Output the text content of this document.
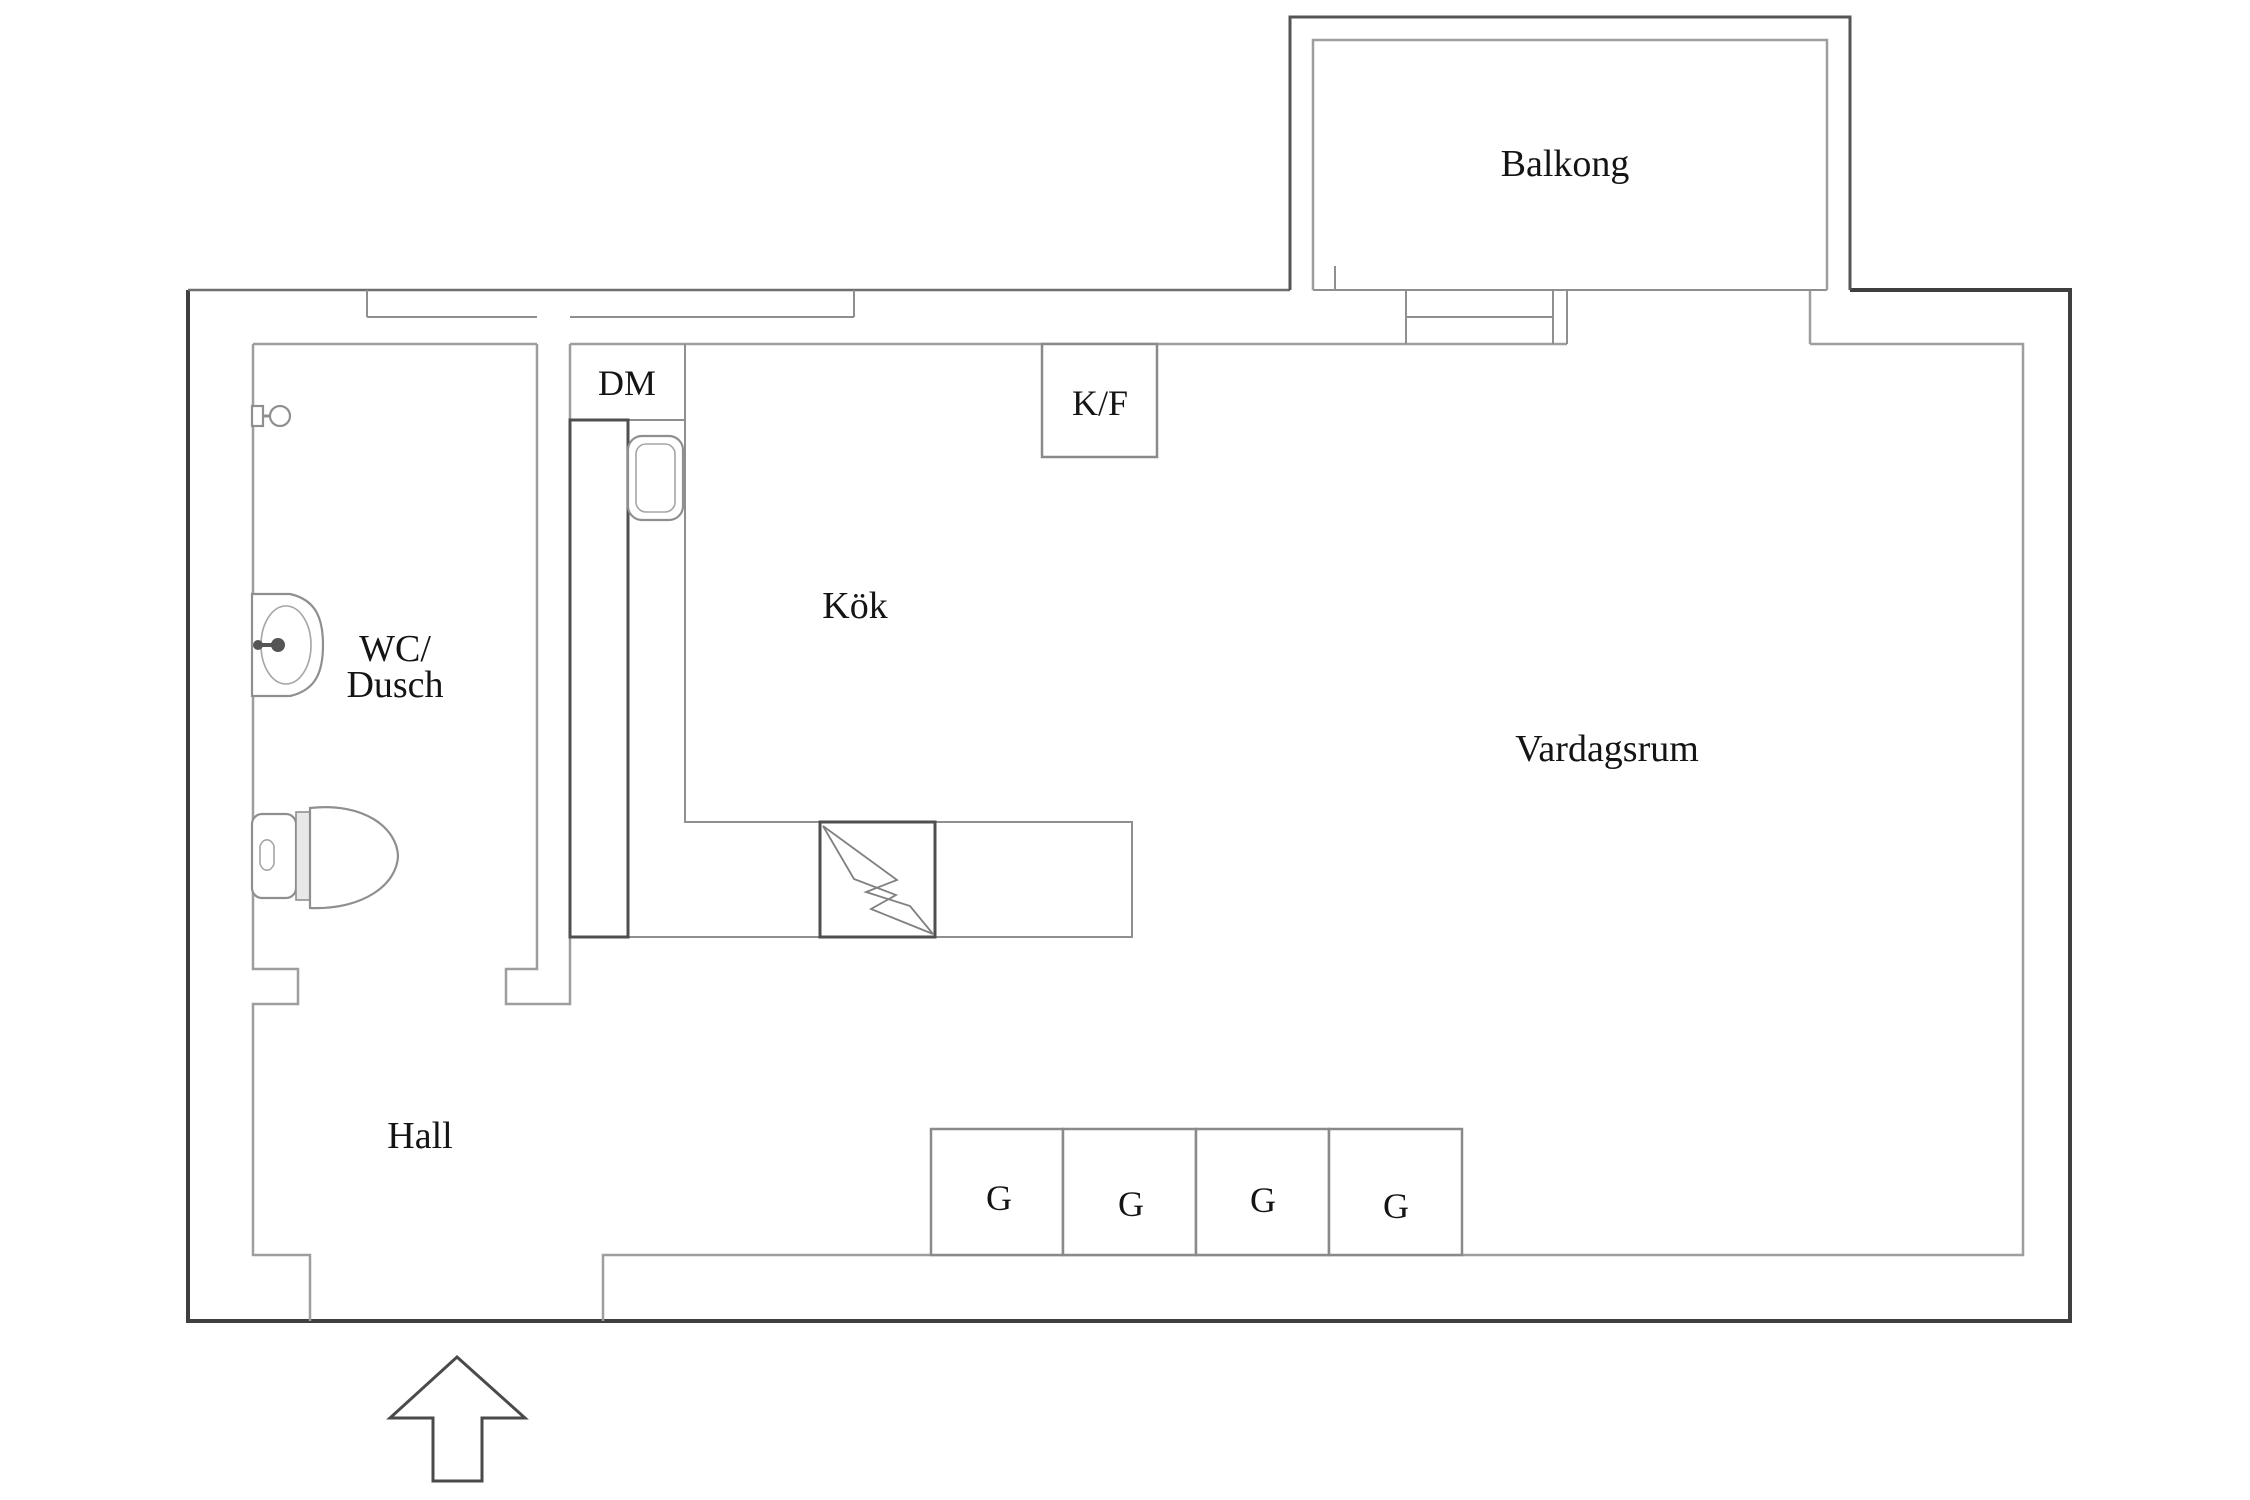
Balkong
K/F
DM
Kök
WC/
Dusch
Vardagsrum
Hall
G	G	G	G
